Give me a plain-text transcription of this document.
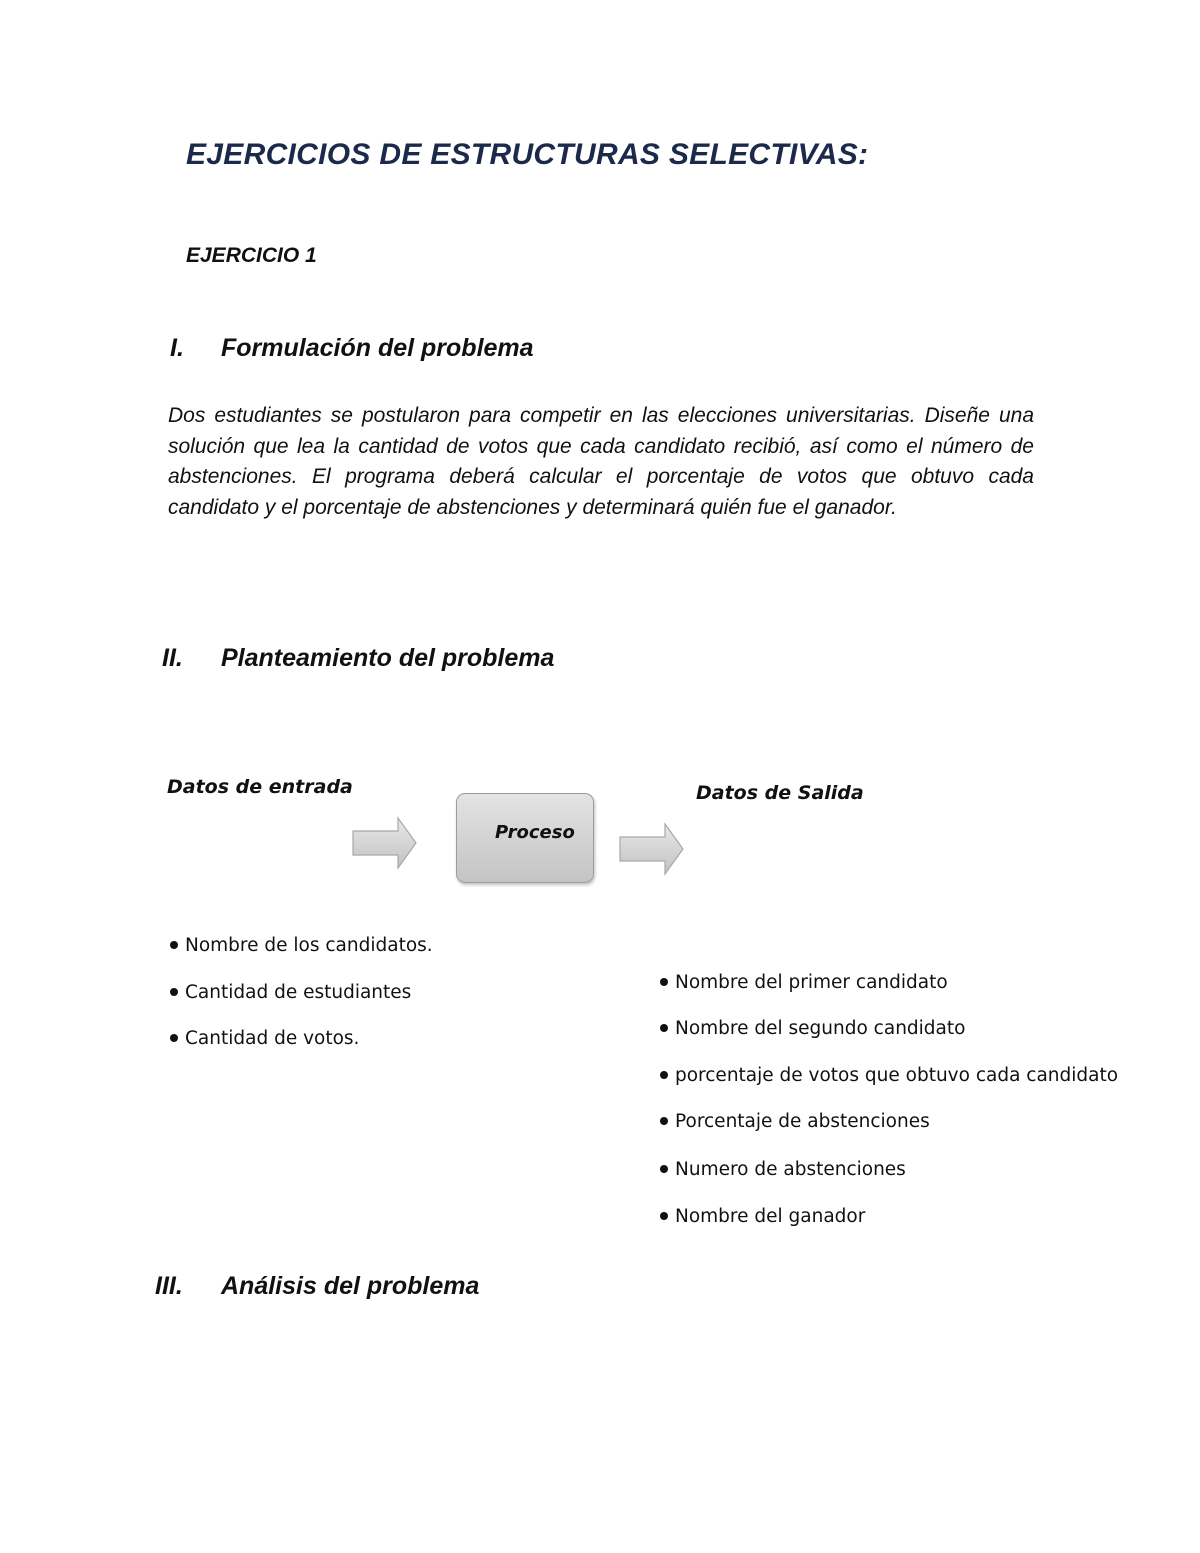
EJERCICIOS DE ESTRUCTURAS SELECTIVAS:
EJERCICIO 1
I. Formulación del problema
Dos estudiantes se postularon para competir en las elecciones universitarias. Diseñe una solución que lea la cantidad de votos que cada candidato recibió, así como el número de abstenciones. El programa deberá calcular el porcentaje de votos que obtuvo cada candidato y el porcentaje de abstenciones y determinará quién fue el ganador.
II. Planteamiento del problema
Datos de entrada	Datos de Salida
Proceso
Nombre de los candidatos.
Cantidad de estudiantes
Cantidad de votos.
Nombre del primer candidato
Nombre del segundo candidato
porcentaje de votos que obtuvo cada candidato
Porcentaje de abstenciones
Numero de abstenciones
Nombre del ganador
III. Análisis del problema
